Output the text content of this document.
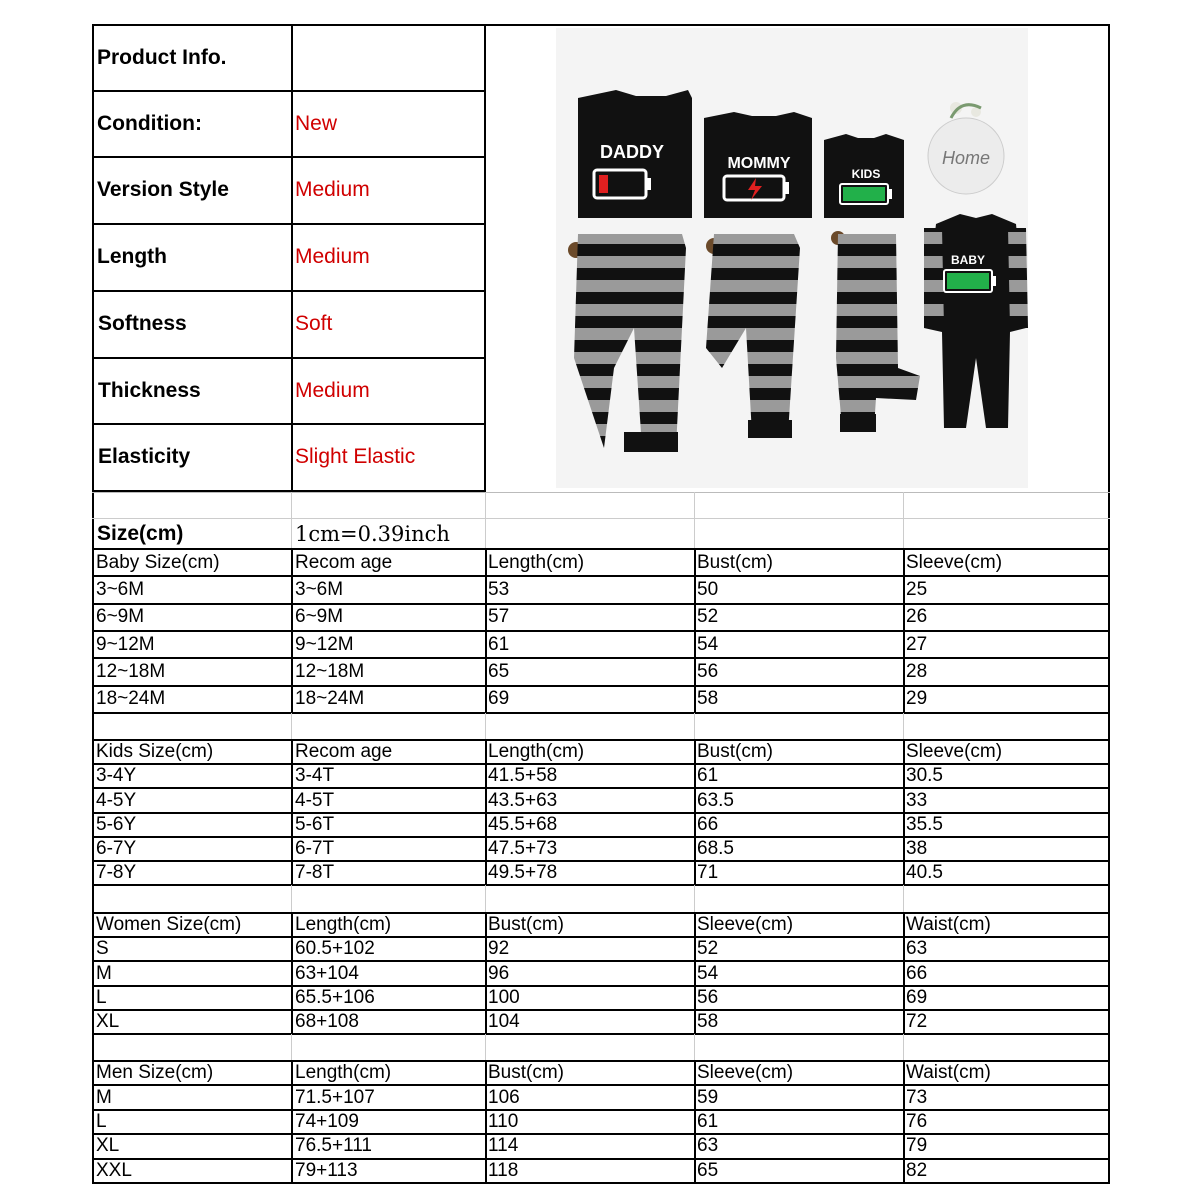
Product Info.
Condition:	New
Version Style	Medium
Length	Medium
Softness	Soft
Thickness	Medium
Elasticity	Slight Elastic
DADDY
MOMMY
KIDS
Home
BABY
Size(cm)	1cm=0.39inch
Baby Size(cm)	Recom age	Length(cm)	Bust(cm)	Sleeve(cm)
3~6M	3~6M	53	50	25
6~9M	6~9M	57	52	26
9~12M	9~12M	61	54	27
12~18M	12~18M	65	56	28
18~24M	18~24M	69	58	29
Kids Size(cm)	Recom age	Length(cm)	Bust(cm)	Sleeve(cm)
3-4Y	3-4T	41.5+58	61	30.5
4-5Y	4-5T	43.5+63	63.5	33
5-6Y	5-6T	45.5+68	66	35.5
6-7Y	6-7T	47.5+73	68.5	38
7-8Y	7-8T	49.5+78	71	40.5
Women Size(cm)	Length(cm)	Bust(cm)	Sleeve(cm)	Waist(cm)
S	60.5+102	92	52	63
M	63+104	96	54	66
L	65.5+106	100	56	69
XL	68+108	104	58	72
Men Size(cm)	Length(cm)	Bust(cm)	Sleeve(cm)	Waist(cm)
M	71.5+107	106	59	73
L	74+109	110	61	76
XL	76.5+111	114	63	79
XXL	79+113	118	65	82
